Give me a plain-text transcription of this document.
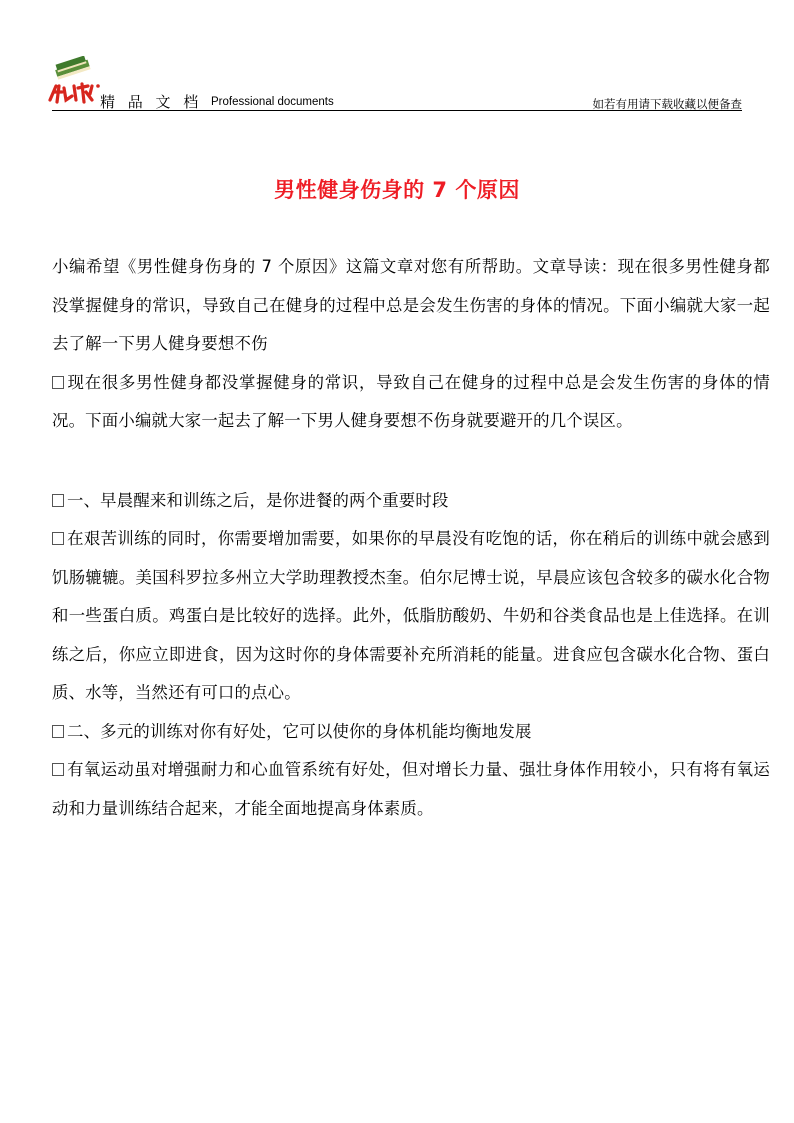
精 品 文 档 Professional documents	如若有用请下载收藏以便备查
男性健身伤身的 7 个原因

小编希望《男性健身伤身的 7 个原因》这篇文章对您有所帮助。文章导读：现在很多男性健身都没掌握健身的常识，导致自己在健身的过程中总是会发生伤害的身体的情况。下面小编就大家一起去了解一下男人健身要想不伤

现在很多男性健身都没掌握健身的常识，导致自己在健身的过程中总是会发生伤害的身体的情况。下面小编就大家一起去了解一下男人健身要想不伤身就要避开的几个误区。

一、早晨醒来和训练之后，是你进餐的两个重要时段

在艰苦训练的同时，你需要增加需要，如果你的早晨没有吃饱的话，你在稍后的训练中就会感到饥肠辘辘。美国科罗拉多州立大学助理教授杰奎。伯尔尼博士说，早晨应该包含较多的碳水化合物和一些蛋白质。鸡蛋白是比较好的选择。此外，低脂肪酸奶、牛奶和谷类食品也是上佳选择。在训练之后，你应立即进食，因为这时你的身体需要补充所消耗的能量。进食应包含碳水化合物、蛋白质、水等，当然还有可口的点心。

二、多元的训练对你有好处，它可以使你的身体机能均衡地发展

有氧运动虽对增强耐力和心血管系统有好处，但对增长力量、强壮身体作用较小，只有将有氧运动和力量训练结合起来，才能全面地提高身体素质。
